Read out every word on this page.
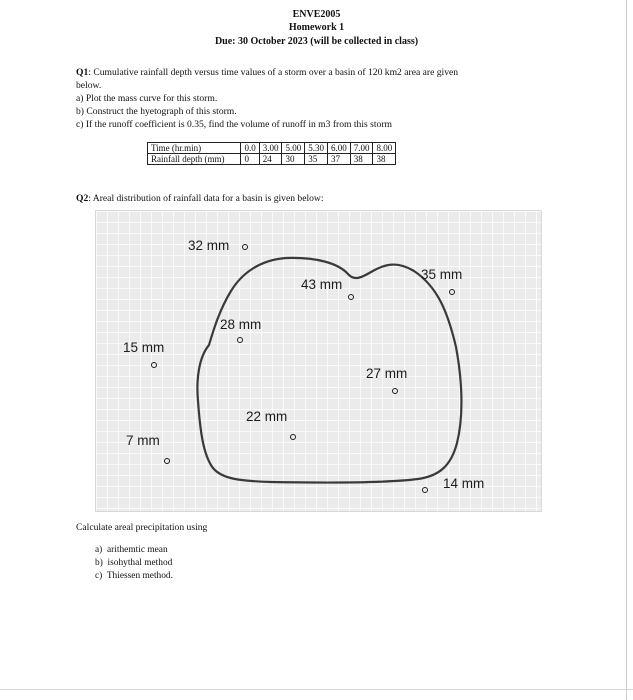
ENVE2005
Homework 1
Due: 30 October 2023 (will be collected in class)
Q1: Cumulative rainfall depth versus time values of a storm over a basin of 120 km2 area are given
below.
a) Plot the mass curve for this storm.
b) Construct the hyetograph of this storm.
c) If the runoff coefficient is 0.35, find the volume of runoff in m3 from this storm
Time (hr.min)	0.0	3.00	5.00	5.30	6.00	7.00	8.00
Rainfall depth (mm)	0	24	30	35	37	38	38
Q2: Areal distribution of rainfall data for a basin is given below:
32 mm
43 mm
35 mm
28 mm
15 mm
27 mm
22 mm
7 mm
14 mm
Calculate areal precipitation using
a) arithemtic mean
b) isohythal method
c) Thiessen method.
